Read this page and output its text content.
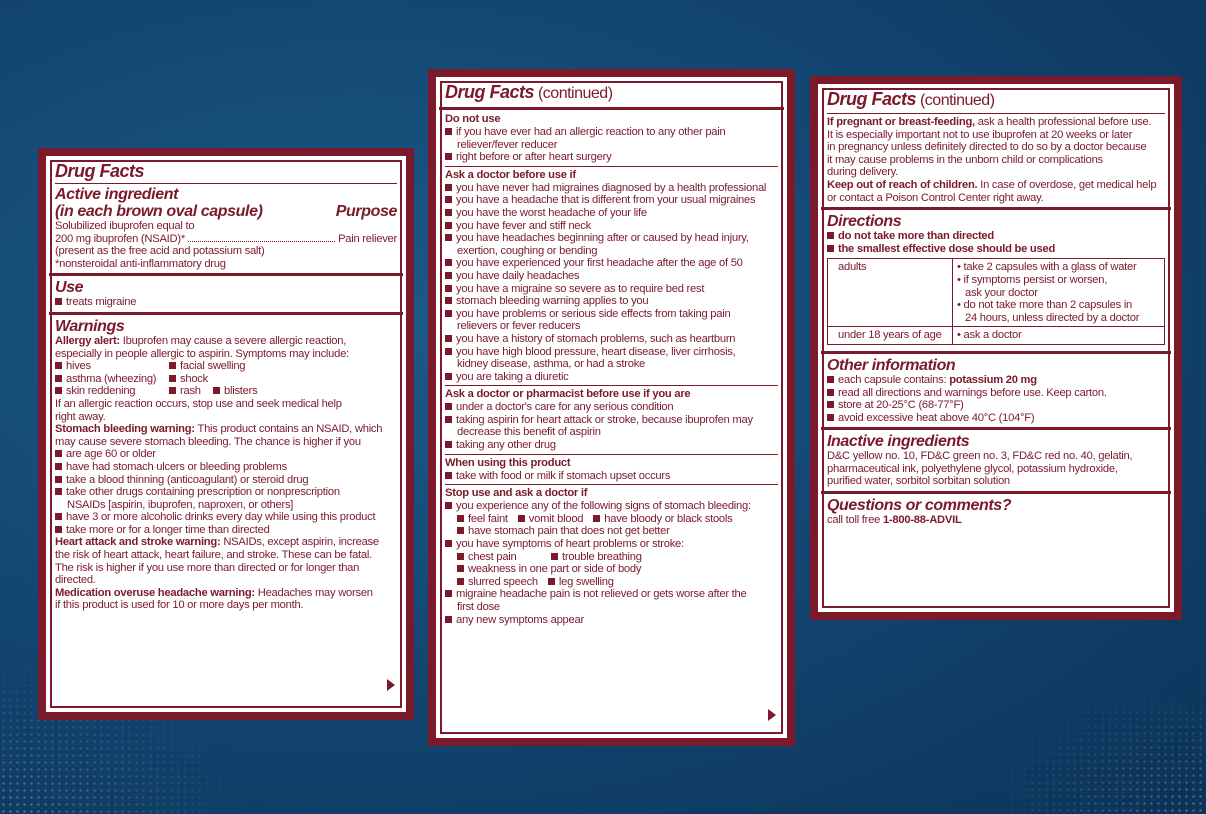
Drug Facts
Active ingredient
(in each brown oval capsule)	Purpose
Solubilized ibuprofen equal to
200 mg ibuprofen (NSAID)*	Pain reliever
(present as the free acid and potassium salt)
*nonsteroidal anti-inflammatory drug
Use
treats migraine
Warnings
Allergy alert: Ibuprofen may cause a severe allergic reaction,
especially in people allergic to aspirin. Symptoms may include:
hives	facial swelling
asthma (wheezing)	shock
skin reddening	rash	blisters
If an allergic reaction occurs, stop use and seek medical help
right away.
Stomach bleeding warning: This product contains an NSAID, which
may cause severe stomach bleeding. The chance is higher if you
are age 60 or older
have had stomach ulcers or bleeding problems
take a blood thinning (anticoagulant) or steroid drug
take other drugs containing prescription or nonprescription
NSAIDs [aspirin, ibuprofen, naproxen, or others]
have 3 or more alcoholic drinks every day while using this product
take more or for a longer time than directed
Heart attack and stroke warning: NSAIDs, except aspirin, increase
the risk of heart attack, heart failure, and stroke. These can be fatal.
The risk is higher if you use more than directed or for longer than
directed.
Medication overuse headache warning: Headaches may worsen
if this product is used for 10 or more days per month.
Drug Facts (continued)
Do not use
if you have ever had an allergic reaction to any other pain
reliever/fever reducer
right before or after heart surgery
Ask a doctor before use if
you have never had migraines diagnosed by a health professional
you have a headache that is different from your usual migraines
you have the worst headache of your life
you have fever and stiff neck
you have headaches beginning after or caused by head injury,
exertion, coughing or bending
you have experienced your first headache after the age of 50
you have daily headaches
you have a migraine so severe as to require bed rest
stomach bleeding warning applies to you
you have problems or serious side effects from taking pain
relievers or fever reducers
you have a history of stomach problems, such as heartburn
you have high blood pressure, heart disease, liver cirrhosis,
kidney disease, asthma, or had a stroke
you are taking a diuretic
Ask a doctor or pharmacist before use if you are
under a doctor's care for any serious condition
taking aspirin for heart attack or stroke, because ibuprofen may
decrease this benefit of aspirin
taking any other drug
When using this product
take with food or milk if stomach upset occurs
Stop use and ask a doctor if
you experience any of the following signs of stomach bleeding:
feel faint	vomit blood	have bloody or black stools
have stomach pain that does not get better
you have symptoms of heart problems or stroke:
chest pain	trouble breathing
weakness in one part or side of body
slurred speech	leg swelling
migraine headache pain is not relieved or gets worse after the
first dose
any new symptoms appear
Drug Facts (continued)
If pregnant or breast-feeding, ask a health professional before use.
It is especially important not to use ibuprofen at 20 weeks or later
in pregnancy unless definitely directed to do so by a doctor because
it may cause problems in the unborn child or complications
during delivery.
Keep out of reach of children. In case of overdose, get medical help
or contact a Poison Control Center right away.
Directions
do not take more than directed
the smallest effective dose should be used
adults	• take 2 capsules with a glass of water
• if symptoms persist or worsen,
ask your doctor
• do not take more than 2 capsules in
24 hours, unless directed by a doctor

under 18 years of age	• ask a doctor
Other information
each capsule contains: potassium 20 mg
read all directions and warnings before use. Keep carton.
store at 20-25°C (68-77°F)
avoid excessive heat above 40°C (104°F)
Inactive ingredients
D&C yellow no. 10, FD&C green no. 3, FD&C red no. 40, gelatin,
pharmaceutical ink, polyethylene glycol, potassium hydroxide,
purified water, sorbitol sorbitan solution
Questions or comments?
call toll free 1-800-88-ADVIL
